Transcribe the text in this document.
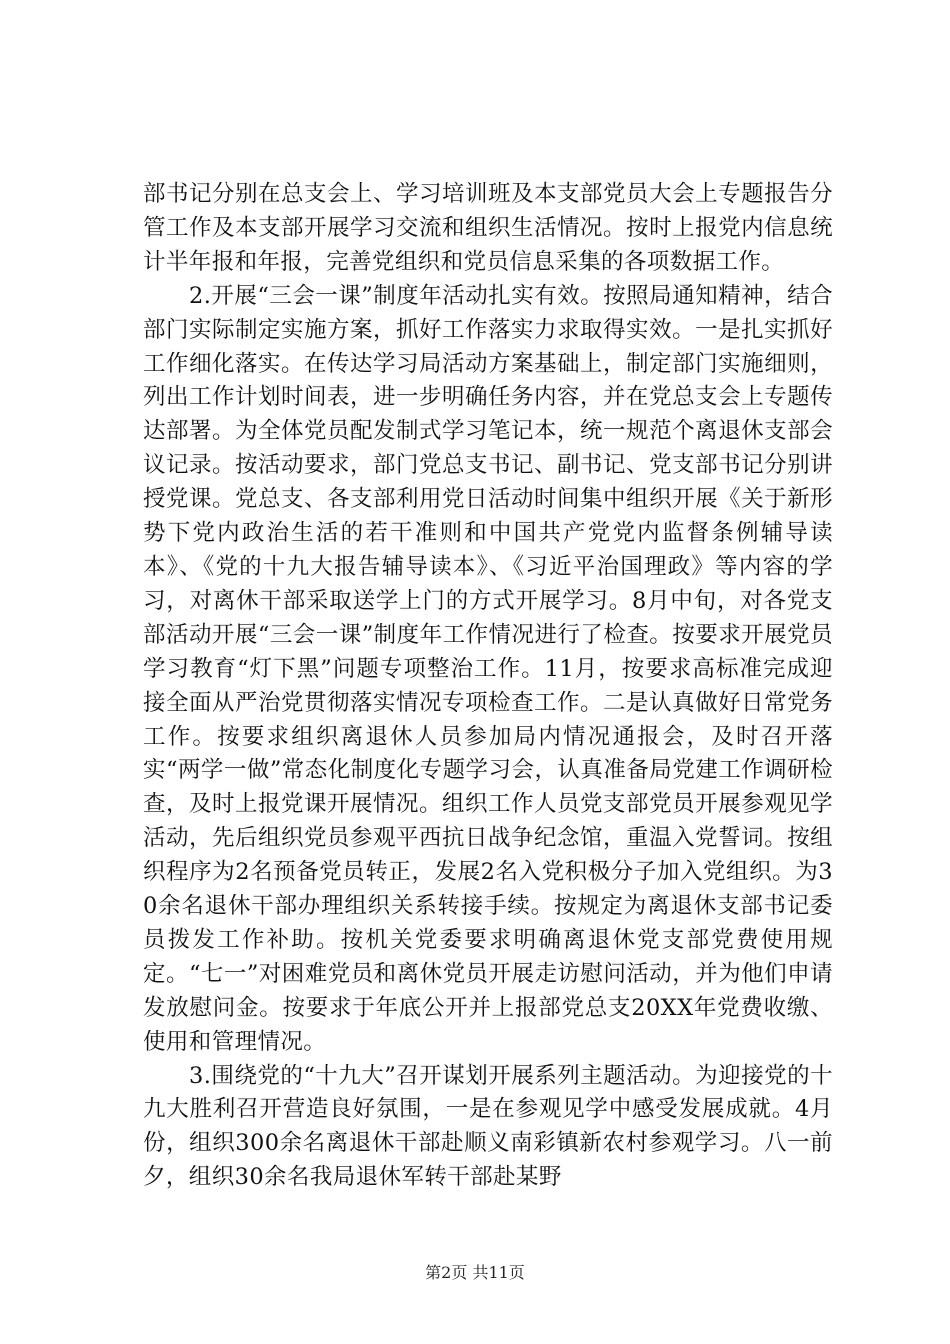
部书记分别在总支会上、学习培训班及本支部党员大会上专题报告分管工作及本支部开展学习交流和组织生活情况。按时上报党内信息统计半年报和年报，完善党组织和党员信息采集的各项数据工作。

2.开展“三会一课”制度年活动扎实有效。按照局通知精神，结合部门实际制定实施方案，抓好工作落实力求取得实效。一是扎实抓好工作细化落实。在传达学习局活动方案基础上，制定部门实施细则，列出工作计划时间表，进一步明确任务内容，并在党总支会上专题传达部署。为全体党员配发制式学习笔记本，统一规范个离退休支部会议记录。按活动要求，部门党总支书记、副书记、党支部书记分别讲授党课。党总支、各支部利用党日活动时间集中组织开展《关于新形势下党内政治生活的若干准则和中国共产党党内监督条例辅导读本》、《党的十九大报告辅导读本》、《习近平治国理政》等内容的学习，对离休干部采取送学上门的方式开展学习。8月中旬，对各党支部活动开展“三会一课”制度年工作情况进行了检查。按要求开展党员学习教育“灯下黑”问题专项整治工作。11月，按要求高标准完成迎接全面从严治党贯彻落实情况专项检查工作。二是认真做好日常党务工作。按要求组织离退休人员参加局内情况通报会，及时召开落实“两学一做”常态化制度化专题学习会，认真准备局党建工作调研检查，及时上报党课开展情况。组织工作人员党支部党员开展参观见学活动，先后组织党员参观平西抗日战争纪念馆，重温入党誓词。按组织程序为2名预备党员转正，发展2名入党积极分子加入党组织。为30余名退休干部办理组织关系转接手续。按规定为离退休支部书记委员拨发工作补助。按机关党委要求明确离退休党支部党费使用规定。“七一”对困难党员和离休党员开展走访慰问活动，并为他们申请发放慰问金。按要求于年底公开并上报部党总支20XX年党费收缴、使用和管理情况。

3.围绕党的“十九大”召开谋划开展系列主题活动。为迎接党的十九大胜利召开营造良好氛围，一是在参观见学中感受发展成就。4月份，组织300余名离退休干部赴顺义南彩镇新农村参观学习。八一前夕，组织30余名我局退休军转干部赴某野

第2页 共11页
